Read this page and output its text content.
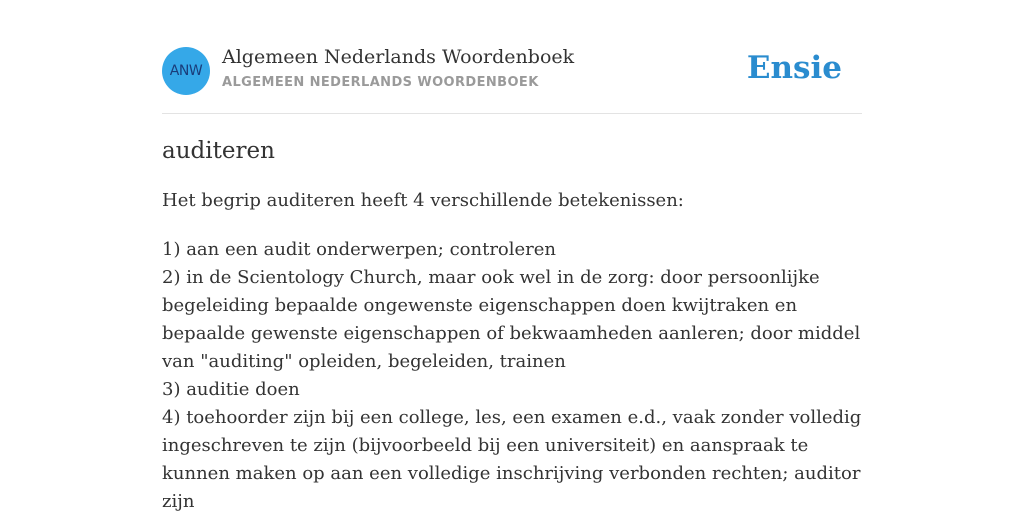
ANW
Algemeen Nederlands Woordenboek
ALGEMEEN NEDERLANDS WOORDENBOEK	Ensie
auditeren

Het begrip auditeren heeft 4 verschillende betekenissen:

1) aan een audit onderwerpen; controleren
2) in de Scientology Church, maar ook wel in de zorg: door persoonlijke begeleiding bepaalde ongewenste eigenschappen doen kwijtraken en bepaalde gewenste eigenschappen of bekwaamheden aanleren; door middel van "auditing" opleiden, begeleiden, trainen
3) auditie doen
4) toehoorder zijn bij een college, les, een examen e.d., vaak zonder volledig ingeschreven te zijn (bijvoorbeeld bij een universiteit) en aanspraak te kunnen maken op aan een volledige inschrijving verbonden rechten; auditor zijn
